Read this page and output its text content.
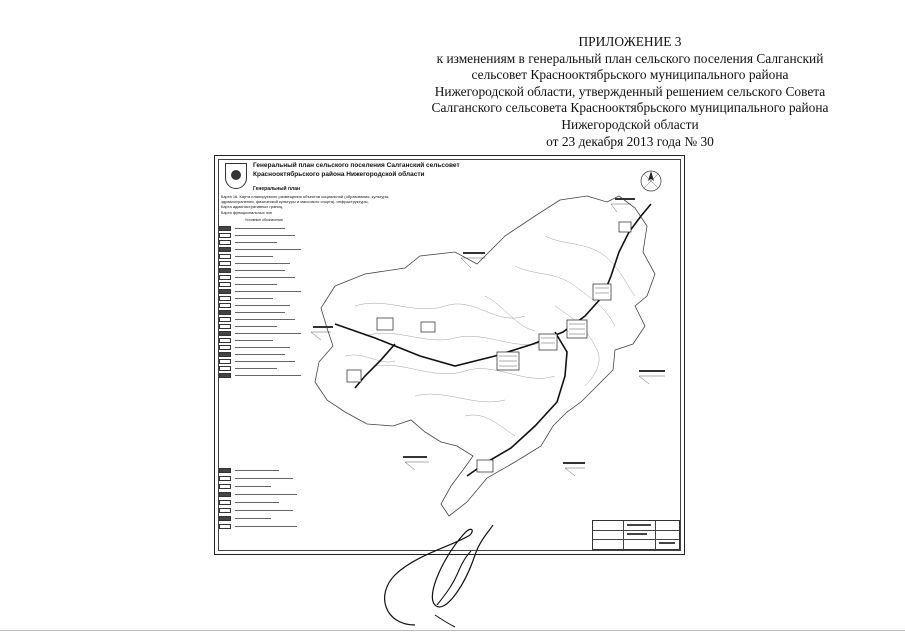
ПРИЛОЖЕНИЕ 3
к изменениям в генеральный план сельского поселения Салганский
сельсовет Краснооктябрьского муниципального района
Нижегородской области, утвержденный решением сельского Совета
Салганского сельсовета Краснооктябрьского муниципального района
Нижегородской области
от 23 декабря 2013 года № 30
Генеральный план сельского поселения Салганский сельсовет
Краснооктябрьского района Нижегородской области
Генеральный план
Карта 16. Карта планируемого размещения объектов социальной (образования, культуры,
здравоохранения, физической культуры и массового спорта), инфраструктуры,
Карта административных границ,
Карта функциональных зон
Условные обозначения
